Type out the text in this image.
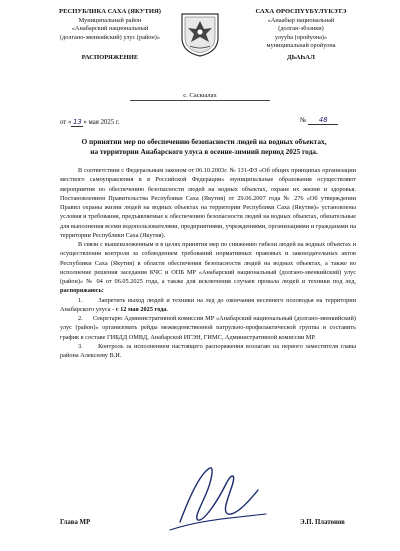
РЕСПУБЛИКА САХА (ЯКУТИЯ)
Муниципальный район
«Анабарский национальный
(долгано-эвенкийский) улус (район)»
РАСПОРЯЖЕНИЕ
САХА ӨРӨСПҮҮБҮЛҮКЭТЭ
«Анаабыр национальнай
(долган-эбээнки)
улууһа (оройуона)»
муниципальнай оройуона
ДЬАҺАЛ
с. Саскылах
от « 13 » мая 2025 г.	№ 48
О принятии мер по обеспечению безопасности людей на водных объектах,
на территории Анабарского улуса в осенне-зимний период 2025 года.

В соответствии с Федеральным законом от 06.10.2003г. № 131-ФЗ «Об общих принципах организации местного самоуправления в в Российской Федерации» муниципальные образования осуществляют мероприятия по обеспечению безопасности людей на водных объектах, охране их жизни и здоровья. Постановлением Правительства Республики Саха (Якутия) от 29.06.2007 года № 276 «Об утверждении Правил охраны жизни людей на водных объектах на территории Республики Саха (Якутия)» установлены условия и требования, предъявляемые к обеспечению безопасности людей на водных объектах, обязательные для выполнения всеми водопользователями, предприятиями, учреждениями, организациями и гражданами на территории Республики Саха (Якутия).

В связи с вышеизложенным и в целях принятия мер по снижению гибели людей на водных объектах и осуществления контроля за соблюдением требований нормативных правовых и законодательных актов Республики Саха (Якутия) в области обеспечения безопасности людей на водных объектах, а также во исполнение решения заседания КЧС и ОПБ МР «Анабарский национальный (долгано-эвенкийский) улус (район)» № 04 от 06.05.2025 года, а также для исключения случаев провала людей и техники под лед, распоряжаюсь:

1.      Запретить выход людей и техники на лед до окончания весеннего половодья на территории Анабарского улуса - с 12 мая 2025 года.

2.      Секретарю Административной комиссии МР «Анабарский национальный (долгано-эвенкийский) улус (район)» организовать рейды межведомственной патрульно-профилактической группы и составить график в составе ГИБДД ОМВД, Анабарской ИГЭН, ГИМС, Административной комиссии МР.

3.      Контроль за исполнением настоящего распоряжения возлагаю на первого заместителя главы района Алексееву В.И.

Глава МР	Э.П. Платонов
